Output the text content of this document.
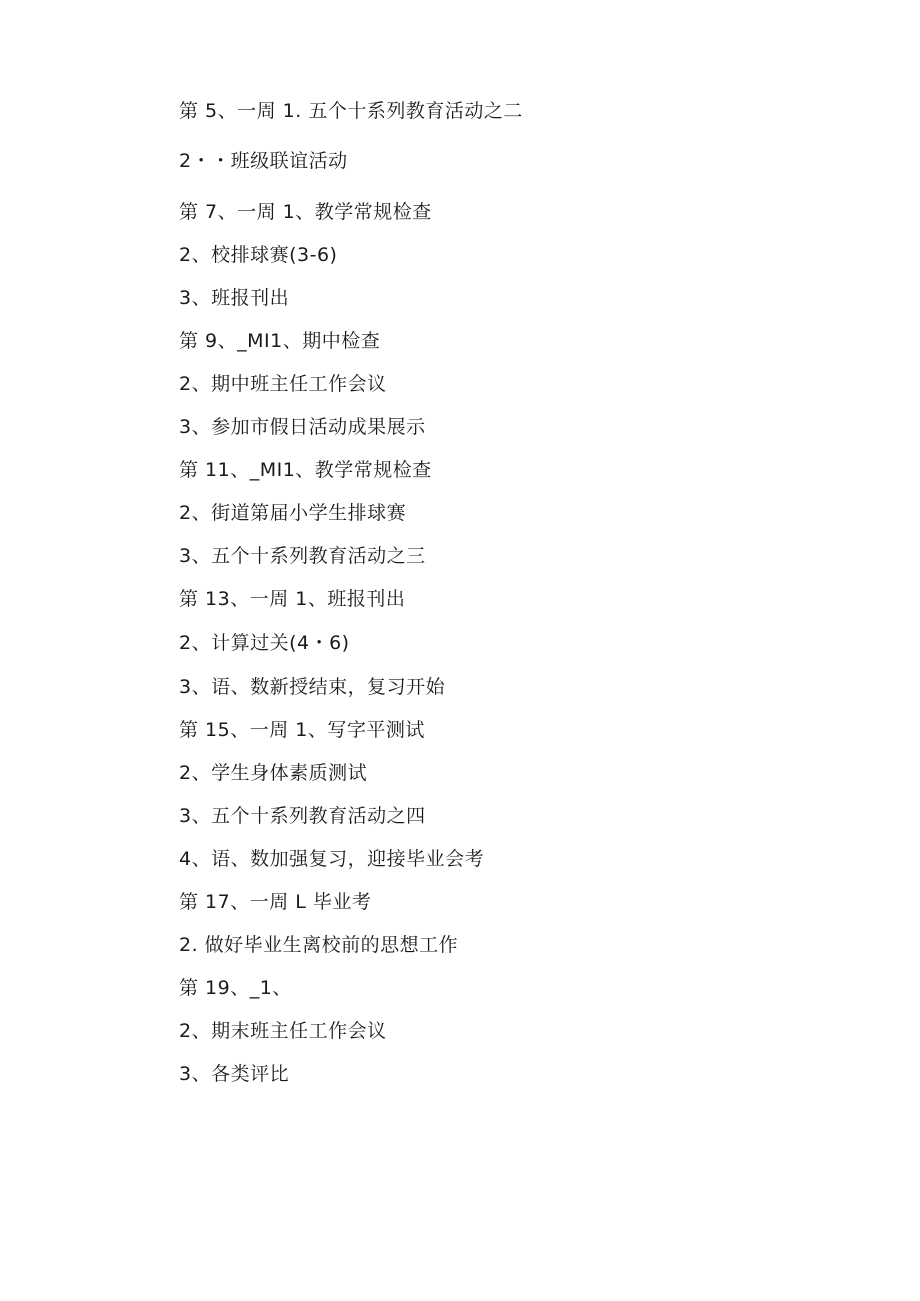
第 5、一周 1. 五个十系列教育活动之二
2・・班级联谊活动
第 7、一周 1、教学常规检查
2、校排球赛(3-6)
3、班报刊出
第 9、_MI1、期中检查
2、期中班主任工作会议
3、参加市假日活动成果展示
第 11、_MI1、教学常规检查
2、街道第届小学生排球赛
3、五个十系列教育活动之三
第 13、一周 1、班报刊出
2、计算过关(4・6)
3、语、数新授结束，复习开始
第 15、一周 1、写字平测试
2、学生身体素质测试
3、五个十系列教育活动之四
4、语、数加强复习，迎接毕业会考
第 17、一周 L 毕业考
2. 做好毕业生离校前的思想工作
第 19、_1、
2、期末班主任工作会议
3、各类评比
